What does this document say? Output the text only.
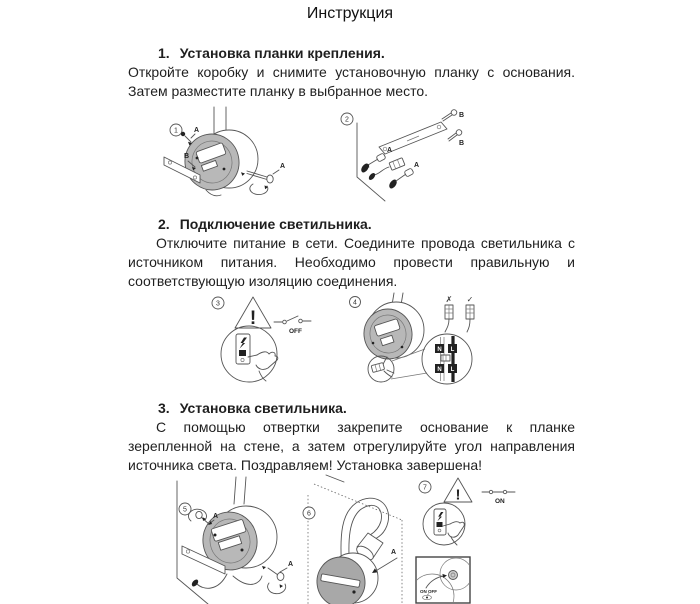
Инструкция
1. Установка планки крепления.

Откройте коробку и снимите установочную планку с основания. Затем разместите планку в выбранное место.

1 A
B
A
2
B
B
A
A
2. Подключение светильника.

Отключите питание в сети. Соедините провода светильника с источником питания. Необходимо провести правильную и соответствующую изоляцию соединения.

3
!
OFF
4
N L
N L
✗ ✓
3. Установка светильника.

С помощью отвертки закрепите основание к планке зерепленной на стене, а затем отрегулируйте угол направления источника света. Поздравляем! Установка завершена!

5
A
A
6
A
7 !	ON
ON OFF
